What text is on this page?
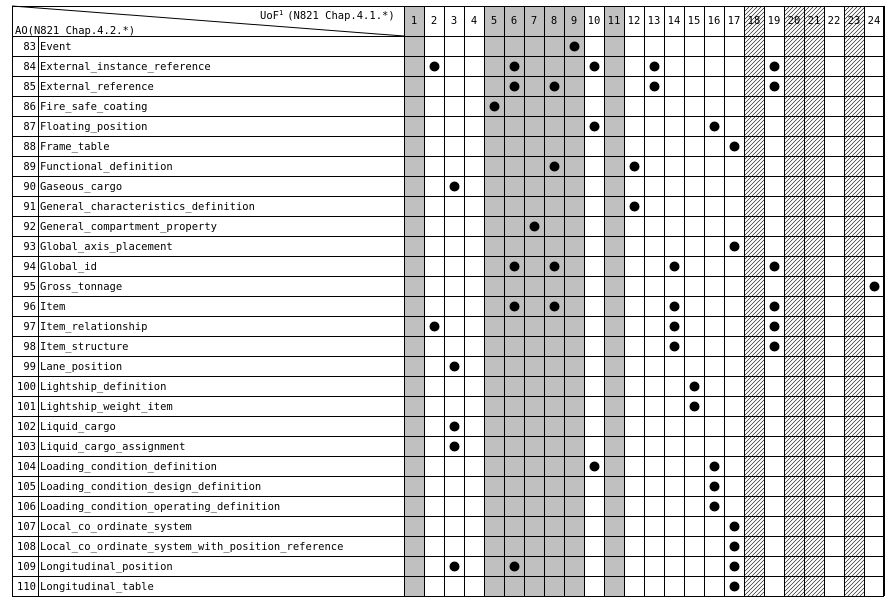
UoF$^1$ (N821 Chap.4.1.*)
AO(N821 Chap.4.2.*)
1 2 3 4 5 6 7 8 9 10 11 12 13 14 15 16 17 18 19 20 21 22 23 24
83 Event
84 External_instance_reference
85 External_reference
86 Fire_safe_coating
87 Floating_position
88 Frame_table
89 Functional_definition
90 Gaseous_cargo
91 General_characteristics_definition
92 General_compartment_property
93 Global_axis_placement
94 Global_id
95 Gross_tonnage
96 Item
97 Item_relationship
98 Item_structure
99 Lane_position
100 Lightship_definition
101 Lightship_weight_item
102 Liquid_cargo
103 Liquid_cargo_assignment
104 Loading_condition_definition
105 Loading_condition_design_definition
106 Loading_condition_operating_definition
107 Local_co_ordinate_system
108 Local_co_ordinate_system_with_position_reference
109 Longitudinal_position
110 Longitudinal_table
